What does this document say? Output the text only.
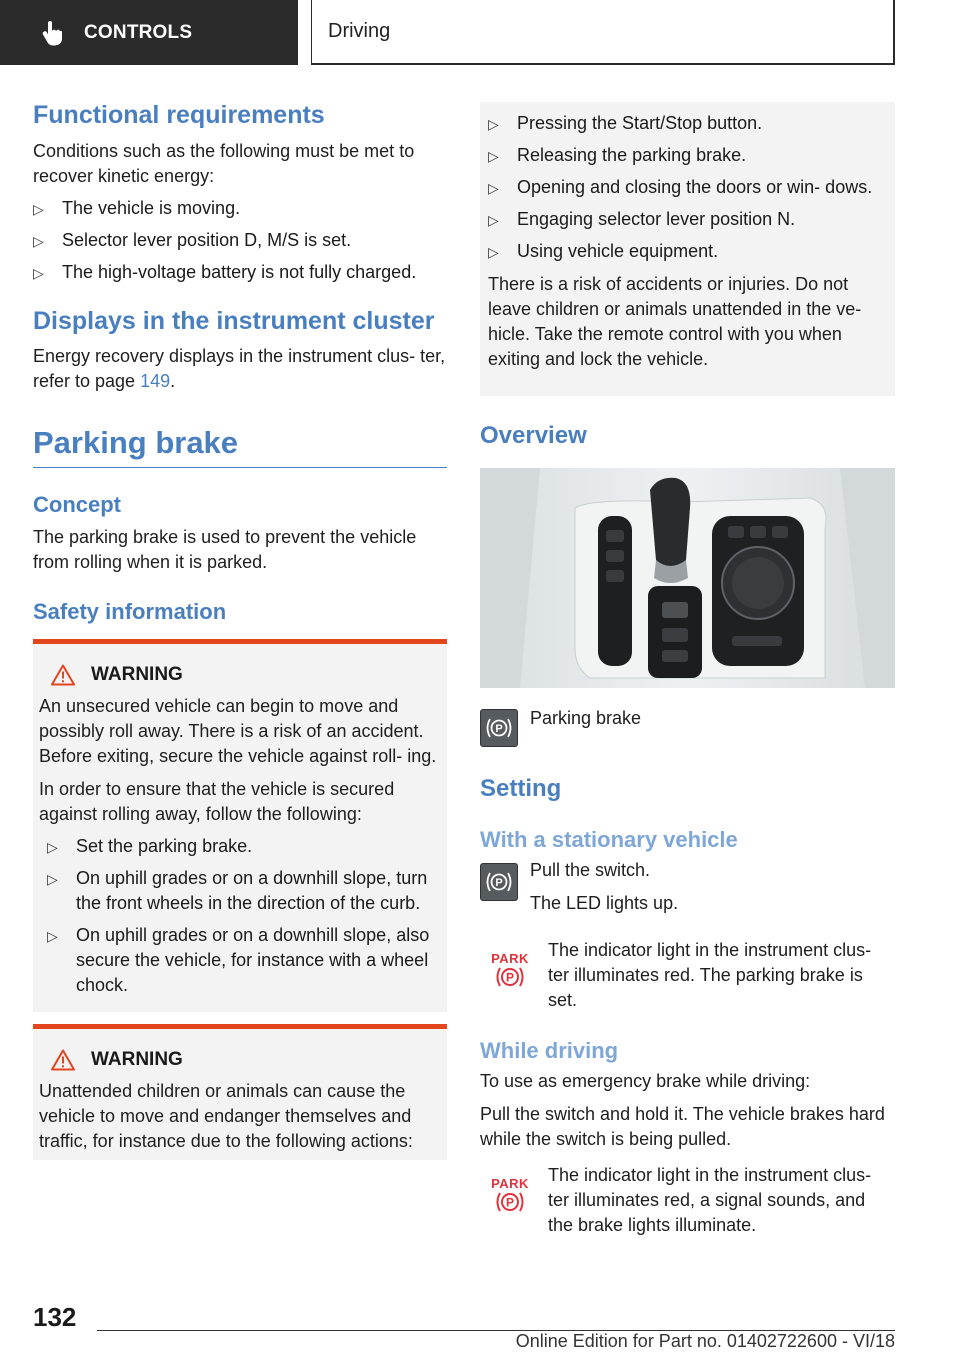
CONTROLS	Driving
Functional requirements

Conditions such as the following must be met to recover kinetic energy:

▷ The vehicle is moving.
▷ Selector lever position D, M/S is set.
▷ The high-voltage battery is not fully charged.
Displays in the instrument cluster

Energy recovery displays in the instrument clus‐ ter, refer to page 149.

Parking brake
Concept

The parking brake is used to prevent the vehicle from rolling when it is parked.

Safety information
WARNING

An unsecured vehicle can begin to move and possibly roll away. There is a risk of an accident. Before exiting, secure the vehicle against roll‐ ing.

In order to ensure that the vehicle is secured against rolling away, follow the following:

▷ Set the parking brake.
▷ On uphill grades or on a downhill slope, turn the front wheels in the direction of the curb.
▷ On uphill grades or on a downhill slope, also secure the vehicle, for instance with a wheel chock.
WARNING

Unattended children or animals can cause the vehicle to move and endanger themselves and traffic, for instance due to the following actions:

▷ Pressing the Start/Stop button.
▷ Releasing the parking brake.
▷ Opening and closing the doors or win‐ dows.
▷ Engaging selector lever position N.
▷ Using vehicle equipment.

There is a risk of accidents or injuries. Do not leave children or animals unattended in the ve‐ hicle. Take the remote control with you when exiting and lock the vehicle.

Overview
P

Parking brake

Setting
With a stationary vehicle
P

Pull the switch.

The LED lights up.

PARK
P

The indicator light in the instrument clus‐ ter illuminates red. The parking brake is set.

While driving

To use as emergency brake while driving:

Pull the switch and hold it. The vehicle brakes hard while the switch is being pulled.

PARK
P

The indicator light in the instrument clus‐ ter illuminates red, a signal sounds, and the brake lights illuminate.

132
Online Edition for Part no. 01402722600 - VI/18
